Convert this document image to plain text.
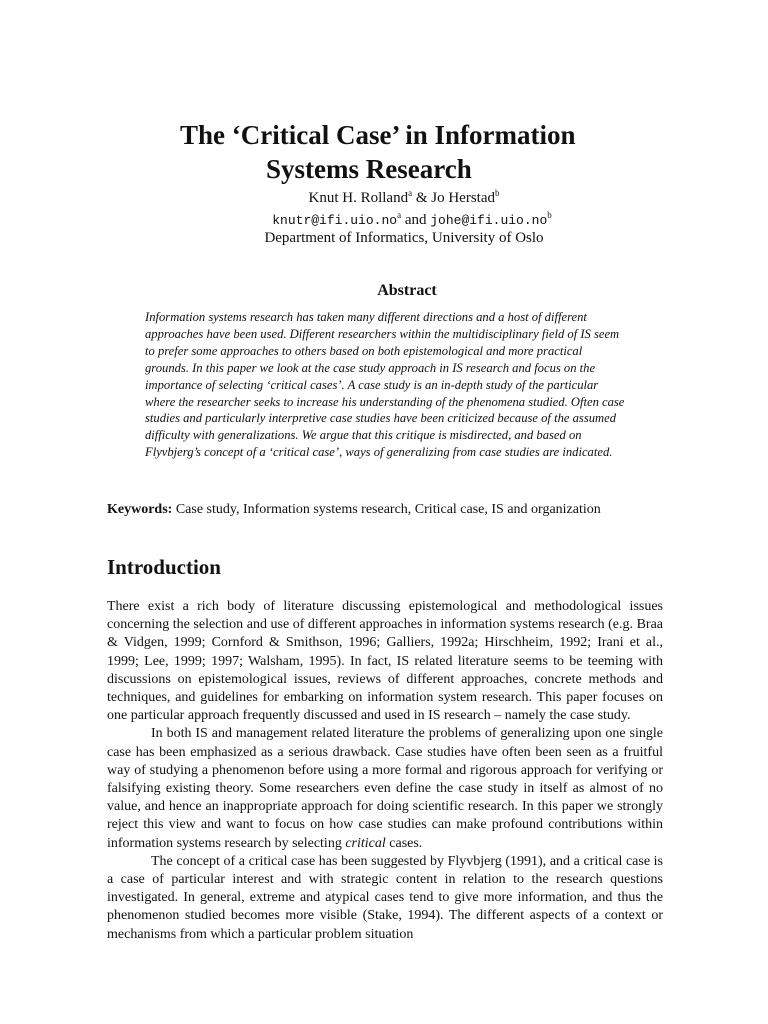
The ‘Critical Case’ in Information
Systems Research
Knut H. Rolland$^a$ & Jo Herstad$^b$
$knutr@ifi.uio.no^a$ and $johe@ifi.uio.no^b$
Department of Informatics, University of Oslo
Abstract
Information systems research has taken many different directions and a host of different approaches have been used. Different researchers within the multidisciplinary field of IS seem to prefer some approaches to others based on both epistemological and more practical grounds. In this paper we look at the case study approach in IS research and focus on the importance of selecting ‘critical cases’. A case study is an in-depth study of the particular where the researcher seeks to increase his understanding of the phenomena studied. Often case studies and particularly interpretive case studies have been criticized because of the assumed difficulty with generalizations. We argue that this critique is misdirected, and based on Flyvbjerg’s concept of a ‘critical case’, ways of generalizing from case studies are indicated.
Keywords: Case study, Information systems research, Critical case, IS and organization
Introduction

There exist a rich body of literature discussing epistemological and methodological issues concerning the selection and use of different approaches in information systems research (e.g. Braa & Vidgen, 1999; Cornford & Smithson, 1996; Galliers, 1992a; Hirschheim, 1992; Irani et al., 1999; Lee, 1999; 1997; Walsham, 1995). In fact, IS related literature seems to be teeming with discussions on epistemological issues, reviews of different approaches, concrete methods and techniques, and guidelines for embarking on information system research. This paper focuses on one particular approach frequently discussed and used in IS research – namely the case study.

In both IS and management related literature the problems of generalizing upon one single case has been emphasized as a serious drawback. Case studies have often been seen as a fruitful way of studying a phenomenon before using a more formal and rigorous approach for verifying or falsifying existing theory. Some researchers even define the case study in itself as almost of no value, and hence an inappropriate approach for doing scientific research. In this paper we strongly reject this view and want to focus on how case studies can make profound contributions within information systems research by selecting critical cases.

The concept of a critical case has been suggested by Flyvbjerg (1991), and a critical case is a case of particular interest and with strategic content in relation to the research questions investigated. In general, extreme and atypical cases tend to give more information, and thus the phenomenon studied becomes more visible (Stake, 1994). The different aspects of a context or mechanisms from which a particular problem situation
